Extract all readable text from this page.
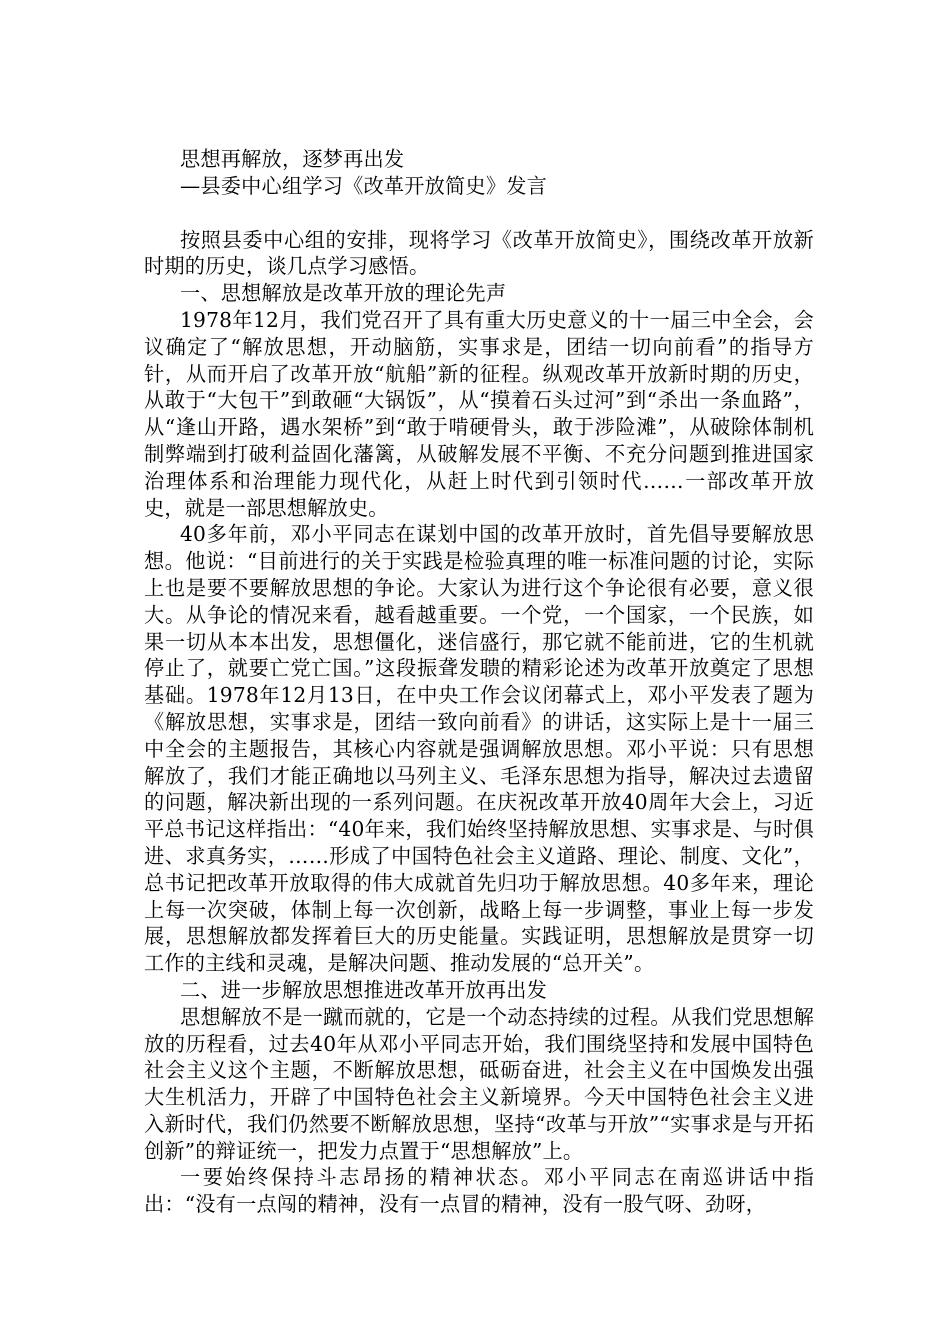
思想再解放，逐梦再出发
—县委中心组学习《改革开放简史》发言

按照县委中心组的安排，现将学习《改革开放简史》，围绕改革开放新时期的历史，谈几点学习感悟。

一、思想解放是改革开放的理论先声

1978年12月，我们党召开了具有重大历史意义的十一届三中全会，会议确定了“解放思想，开动脑筋，实事求是，团结一切向前看”的指导方针，从而开启了改革开放“航船”新的征程。纵观改革开放新时期的历史，从敢于“大包干”到敢砸“大锅饭”，从“摸着石头过河”到“杀出一条血路”，从“逢山开路，遇水架桥”到“敢于啃硬骨头，敢于涉险滩”，从破除体制机制弊端到打破利益固化藩篱，从破解发展不平衡、不充分问题到推进国家治理体系和治理能力现代化，从赶上时代到引领时代……一部改革开放史，就是一部思想解放史。

40多年前，邓小平同志在谋划中国的改革开放时，首先倡导要解放思想。他说：“目前进行的关于实践是检验真理的唯一标准问题的讨论，实际上也是要不要解放思想的争论。大家认为进行这个争论很有必要，意义很大。从争论的情况来看，越看越重要。一个党，一个国家，一个民族，如果一切从本本出发，思想僵化，迷信盛行，那它就不能前进，它的生机就停止了，就要亡党亡国。”这段振聋发聩的精彩论述为改革开放奠定了思想基础。1978年12月13日，在中央工作会议闭幕式上，邓小平发表了题为《解放思想，实事求是，团结一致向前看》的讲话，这实际上是十一届三中全会的主题报告，其核心内容就是强调解放思想。邓小平说：只有思想解放了，我们才能正确地以马列主义、毛泽东思想为指导，解决过去遗留的问题，解决新出现的一系列问题。在庆祝改革开放40周年大会上，习近平总书记这样指出：“40年来，我们始终坚持解放思想、实事求是、与时俱进、求真务实，……形成了中国特色社会主义道路、理论、制度、文化”，总书记把改革开放取得的伟大成就首先归功于解放思想。40多年来，理论上每一次突破，体制上每一次创新，战略上每一步调整，事业上每一步发展，思想解放都发挥着巨大的历史能量。实践证明，思想解放是贯穿一切工作的主线和灵魂，是解决问题、推动发展的“总开关”。

二、进一步解放思想推进改革开放再出发

思想解放不是一蹴而就的，它是一个动态持续的过程。从我们党思想解放的历程看，过去40年从邓小平同志开始，我们围绕坚持和发展中国特色社会主义这个主题，不断解放思想，砥砺奋进，社会主义在中国焕发出强大生机活力，开辟了中国特色社会主义新境界。今天中国特色社会主义进入新时代，我们仍然要不断解放思想，坚持“改革与开放”“实事求是与开拓创新”的辩证统一，把发力点置于“思想解放”上。

一要始终保持斗志昂扬的精神状态。邓小平同志在南巡讲话中指出：“没有一点闯的精神，没有一点冒的精神，没有一股气呀、劲呀，
